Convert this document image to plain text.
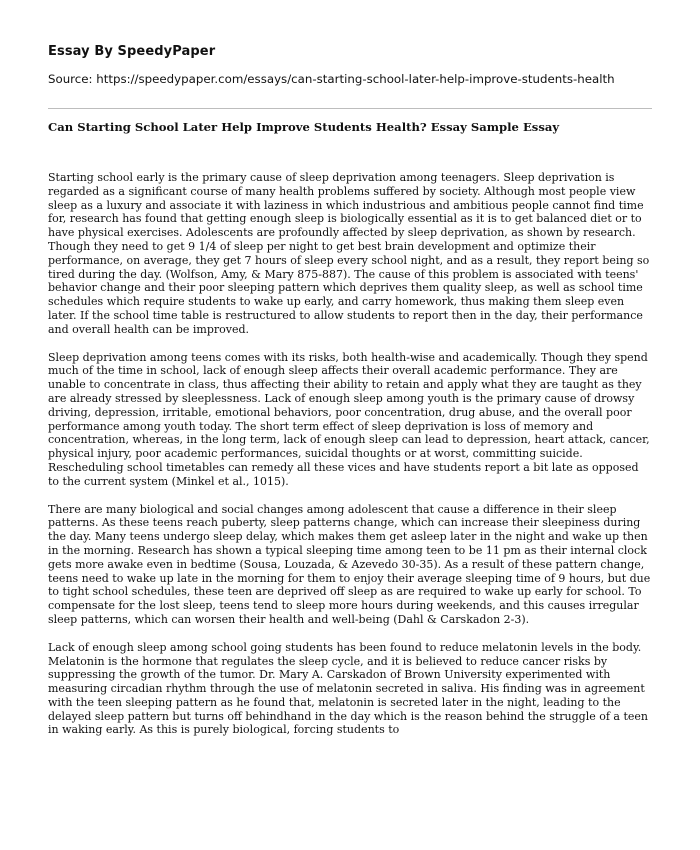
Essay By SpeedyPaper
Source: https://speedypaper.com/essays/can-starting-school-later-help-improve-students-health
Can Starting School Later Help Improve Students Health? Essay Sample Essay

Starting school early is the primary cause of sleep deprivation among teenagers. Sleep deprivation is regarded as a significant course of many health problems suffered by society. Although most people view sleep as a luxury and associate it with laziness in which industrious and ambitious people cannot find time for, research has found that getting enough sleep is biologically essential as it is to get balanced diet or to have physical exercises. Adolescents are profoundly affected by sleep deprivation, as shown by research. Though they need to get 9 1/4 of sleep per night to get best brain development and optimize their performance, on average, they get 7 hours of sleep every school night, and as a result, they report being so tired during the day. (Wolfson, Amy, & Mary 875-887). The cause of this problem is associated with teens' behavior change and their poor sleeping pattern which deprives them quality sleep, as well as school time schedules which require students to wake up early, and carry homework, thus making them sleep even later. If the school time table is restructured to allow students to report then in the day, their performance and overall health can be improved.

Sleep deprivation among teens comes with its risks, both health-wise and academically. Though they spend much of the time in school, lack of enough sleep affects their overall academic performance. They are unable to concentrate in class, thus affecting their ability to retain and apply what they are taught as they are already stressed by sleeplessness. Lack of enough sleep among youth is the primary cause of drowsy driving, depression, irritable, emotional behaviors, poor concentration, drug abuse, and the overall poor performance among youth today. The short term effect of sleep deprivation is loss of memory and concentration, whereas, in the long term, lack of enough sleep can lead to depression, heart attack, cancer, physical injury, poor academic performances, suicidal thoughts or at worst, committing suicide. Rescheduling school timetables can remedy all these vices and have students report a bit late as opposed to the current system (Minkel et al., 1015).

There are many biological and social changes among adolescent that cause a difference in their sleep patterns. As these teens reach puberty, sleep patterns change, which can increase their sleepiness during the day. Many teens undergo sleep delay, which makes them get asleep later in the night and wake up then in the morning. Research has shown a typical sleeping time among teen to be 11 pm as their internal clock gets more awake even in bedtime (Sousa, Louzada, & Azevedo 30-35). As a result of these pattern change, teens need to wake up late in the morning for them to enjoy their average sleeping time of 9 hours, but due to tight school schedules, these teen are deprived off sleep as are required to wake up early for school. To compensate for the lost sleep, teens tend to sleep more hours during weekends, and this causes irregular sleep patterns, which can worsen their health and well-being (Dahl & Carskadon 2-3).

Lack of enough sleep among school going students has been found to reduce melatonin levels in the body. Melatonin is the hormone that regulates the sleep cycle, and it is believed to reduce cancer risks by suppressing the growth of the tumor. Dr. Mary A. Carskadon of Brown University experimented with measuring circadian rhythm through the use of melatonin secreted in saliva. His finding was in agreement with the teen sleeping pattern as he found that, melatonin is secreted later in the night, leading to the delayed sleep pattern but turns off behindhand in the day which is the reason behind the struggle of a teen in waking early. As this is purely biological, forcing students to
